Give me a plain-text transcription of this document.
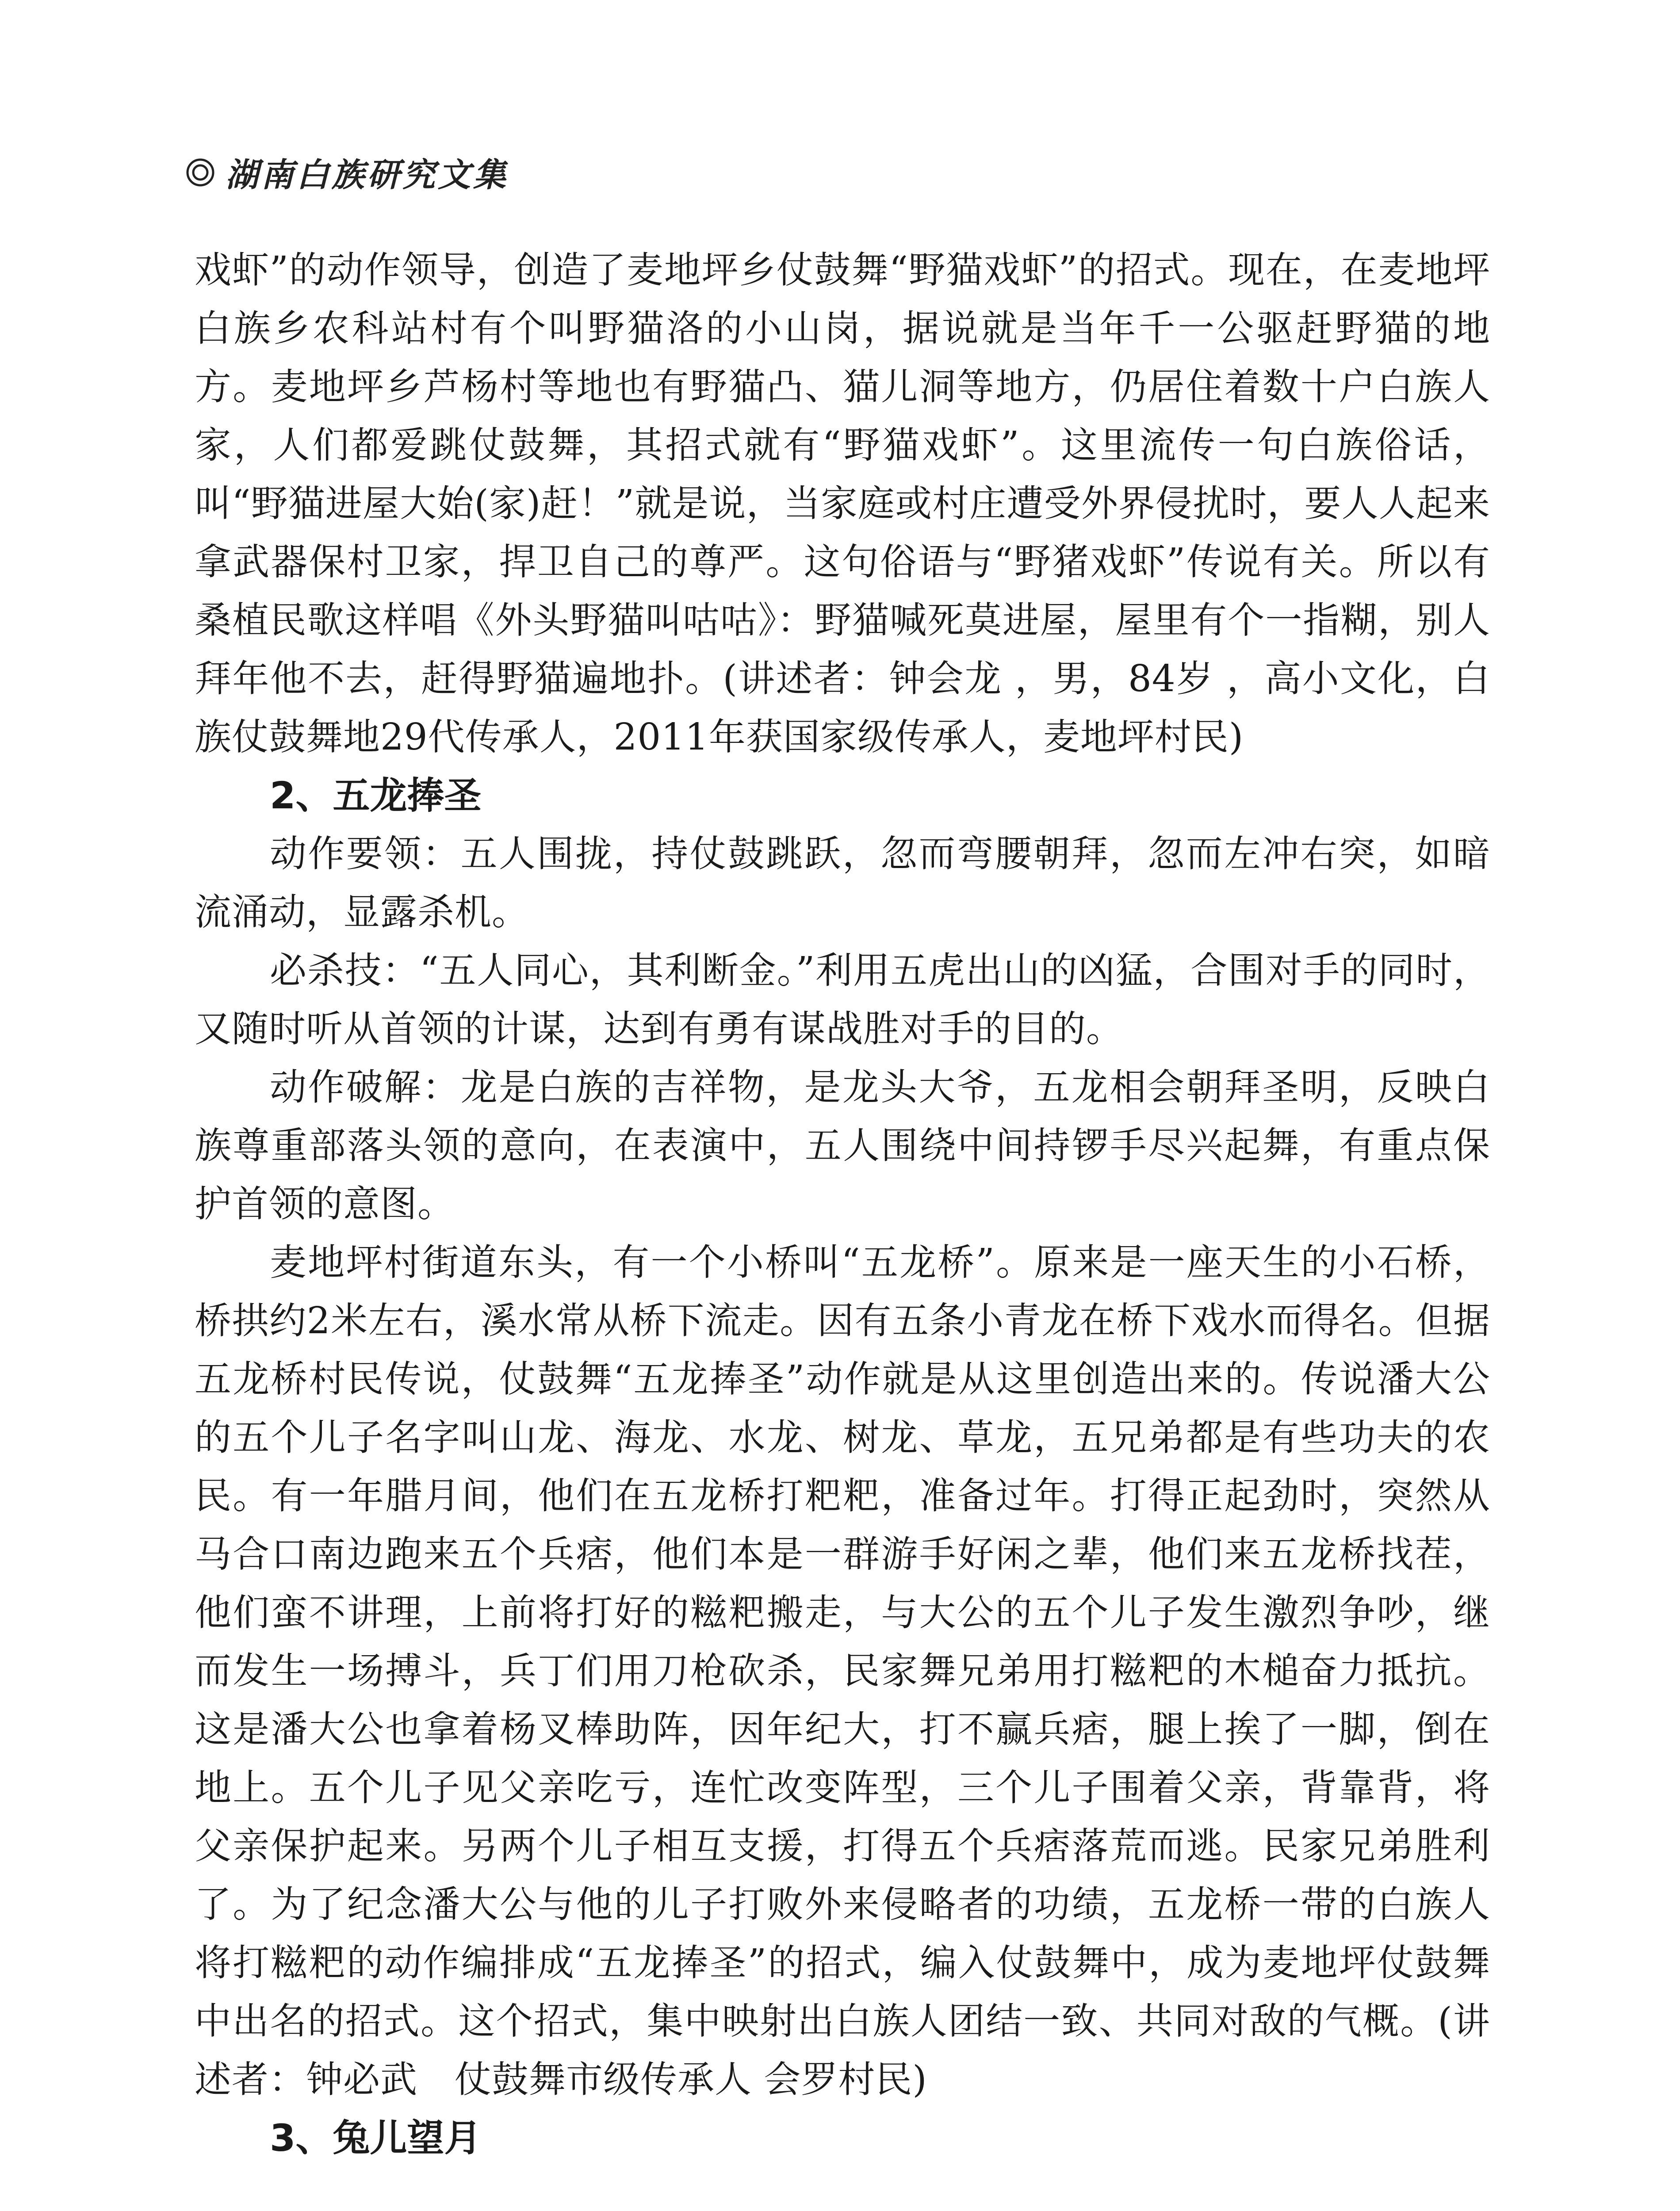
湖南白族研究文集

戏虾”的动作领导，创造了麦地坪乡仗鼓舞“野猫戏虾”的招式。现在，在麦地坪白族乡农科站村有个叫野猫洛的小山岗，据说就是当年千一公驱赶野猫的地方。麦地坪乡芦杨村等地也有野猫凸、猫儿洞等地方，仍居住着数十户白族人家，人们都爱跳仗鼓舞，其招式就有“野猫戏虾”。这里流传一句白族俗话，叫“野猫进屋大始(家)赶！”就是说，当家庭或村庄遭受外界侵扰时，要人人起来拿武器保村卫家，捍卫自己的尊严。这句俗语与“野猪戏虾”传说有关。所以有桑植民歌这样唱《外头野猫叫咕咕》：野猫喊死莫进屋，屋里有个一指糊，别人拜年他不去，赶得野猫遍地扑。(讲述者：钟会龙 ，男，84岁 ，高小文化，白族仗鼓舞地29代传承人，2011年获国家级传承人，麦地坪村民)

2、五龙捧圣

动作要领：五人围拢，持仗鼓跳跃，忽而弯腰朝拜，忽而左冲右突，如暗流涌动，显露杀机。

必杀技：“五人同心，其利断金。”利用五虎出山的凶猛，合围对手的同时，又随时听从首领的计谋，达到有勇有谋战胜对手的目的。

动作破解：龙是白族的吉祥物，是龙头大爷，五龙相会朝拜圣明，反映白族尊重部落头领的意向，在表演中，五人围绕中间持锣手尽兴起舞，有重点保护首领的意图。

麦地坪村街道东头，有一个小桥叫“五龙桥”。原来是一座天生的小石桥，桥拱约2米左右，溪水常从桥下流走。因有五条小青龙在桥下戏水而得名。但据五龙桥村民传说，仗鼓舞“五龙捧圣”动作就是从这里创造出来的。传说潘大公的五个儿子名字叫山龙、海龙、水龙、树龙、草龙，五兄弟都是有些功夫的农民。有一年腊月间，他们在五龙桥打粑粑，准备过年。打得正起劲时，突然从马合口南边跑来五个兵痞，他们本是一群游手好闲之辈，他们来五龙桥找茬，他们蛮不讲理，上前将打好的糍粑搬走，与大公的五个儿子发生激烈争吵，继而发生一场搏斗，兵丁们用刀枪砍杀，民家舞兄弟用打糍粑的木槌奋力抵抗。这是潘大公也拿着杨叉棒助阵，因年纪大，打不赢兵痞，腿上挨了一脚，倒在地上。五个儿子见父亲吃亏，连忙改变阵型，三个儿子围着父亲，背靠背，将父亲保护起来。另两个儿子相互支援，打得五个兵痞落荒而逃。民家兄弟胜利了。为了纪念潘大公与他的儿子打败外来侵略者的功绩，五龙桥一带的白族人将打糍粑的动作编排成“五龙捧圣”的招式，编入仗鼓舞中，成为麦地坪仗鼓舞中出名的招式。这个招式，集中映射出白族人团结一致、共同对敌的气概。(讲述者：钟必武　仗鼓舞市级传承人 会罗村民)

3、兔儿望月
